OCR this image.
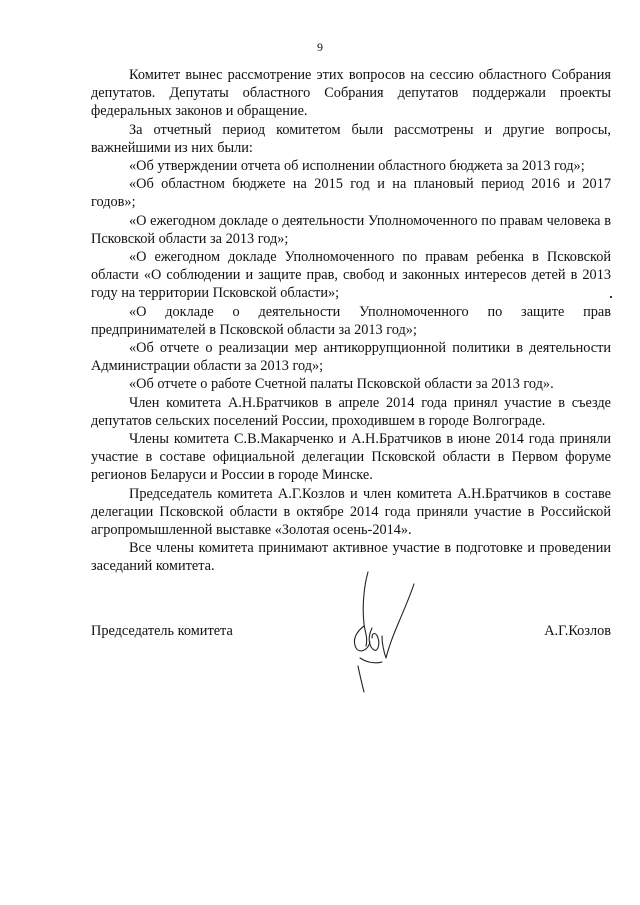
9

Комитет вынес рассмотрение этих вопросов на сессию областного Собрания депутатов. Депутаты областного Собрания депутатов поддержали проекты федеральных законов и обращение.

За отчетный период комитетом были рассмотрены и другие вопросы, важнейшими из них были:

«Об утверждении отчета об исполнении областного бюджета за 2013 год»;

«Об областном бюджете на 2015 год и на плановый период 2016 и 2017 годов»;

«О ежегодном докладе о деятельности Уполномоченного по правам человека в Псковской области за 2013 год»;

«О ежегодном докладе Уполномоченного по правам ребенка в Псковской области «О соблюдении и защите прав, свобод и законных интересов детей в 2013 году на территории Псковской области»;

«О докладе о деятельности Уполномоченного по защите прав предпринимателей в Псковской области за 2013 год»;

«Об отчете о реализации мер антикоррупционной политики в деятельности Администрации области за 2013 год»;

«Об отчете о работе Счетной палаты Псковской области за 2013 год».

Член комитета А.Н.Братчиков в апреле 2014 года принял участие в съезде депутатов сельских поселений России, проходившем в городе Волгограде.

Члены комитета С.В.Макарченко и А.Н.Братчиков в июне 2014 года приняли участие в составе официальной делегации Псковской области в Первом форуме регионов Беларуси и России в городе Минске.

Председатель комитета А.Г.Козлов и член комитета А.Н.Братчиков в составе делегации Псковской области в октябре 2014 года приняли участие в Российской агропромышленной выставке «Золотая осень-2014».

Все члены комитета принимают активное участие в подготовке и проведении заседаний комитета.

Председатель комитета	А.Г.Козлов
